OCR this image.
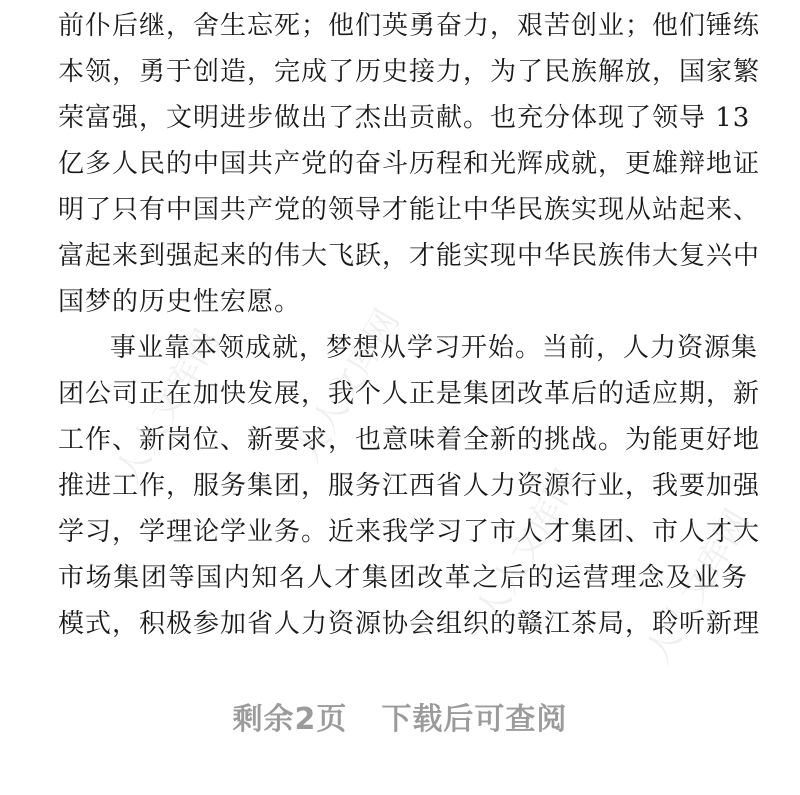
前仆后继，舍生忘死；他们英勇奋力，艰苦创业；他们锤练
本领，勇于创造，完成了历史接力，为了民族解放，国家繁
荣富强，文明进步做出了杰出贡献。也充分体现了领导 13
亿多人民的中国共产党的奋斗历程和光辉成就，更雄辩地证
明了只有中国共产党的领导才能让中华民族实现从站起来、
富起来到强起来的伟大飞跃，才能实现中华民族伟大复兴中
国梦的历史性宏愿。
事业靠本领成就，梦想从学习开始。当前，人力资源集
团公司正在加快发展，我个人正是集团改革后的适应期，新
工作、新岗位、新要求，也意味着全新的挑战。为能更好地
推进工作，服务集团，服务江西省人力资源行业，我要加强
学习，学理论学业务。近来我学习了市人才集团、市人才大
市场集团等国内知名人才集团改革之后的运营理念及业务
模式，积极参加省人力资源协会组织的赣江茶局，聆听新理
人人文库网 人人文库网
人人文库网 人人文库网
剩余2页 下载后可查阅
